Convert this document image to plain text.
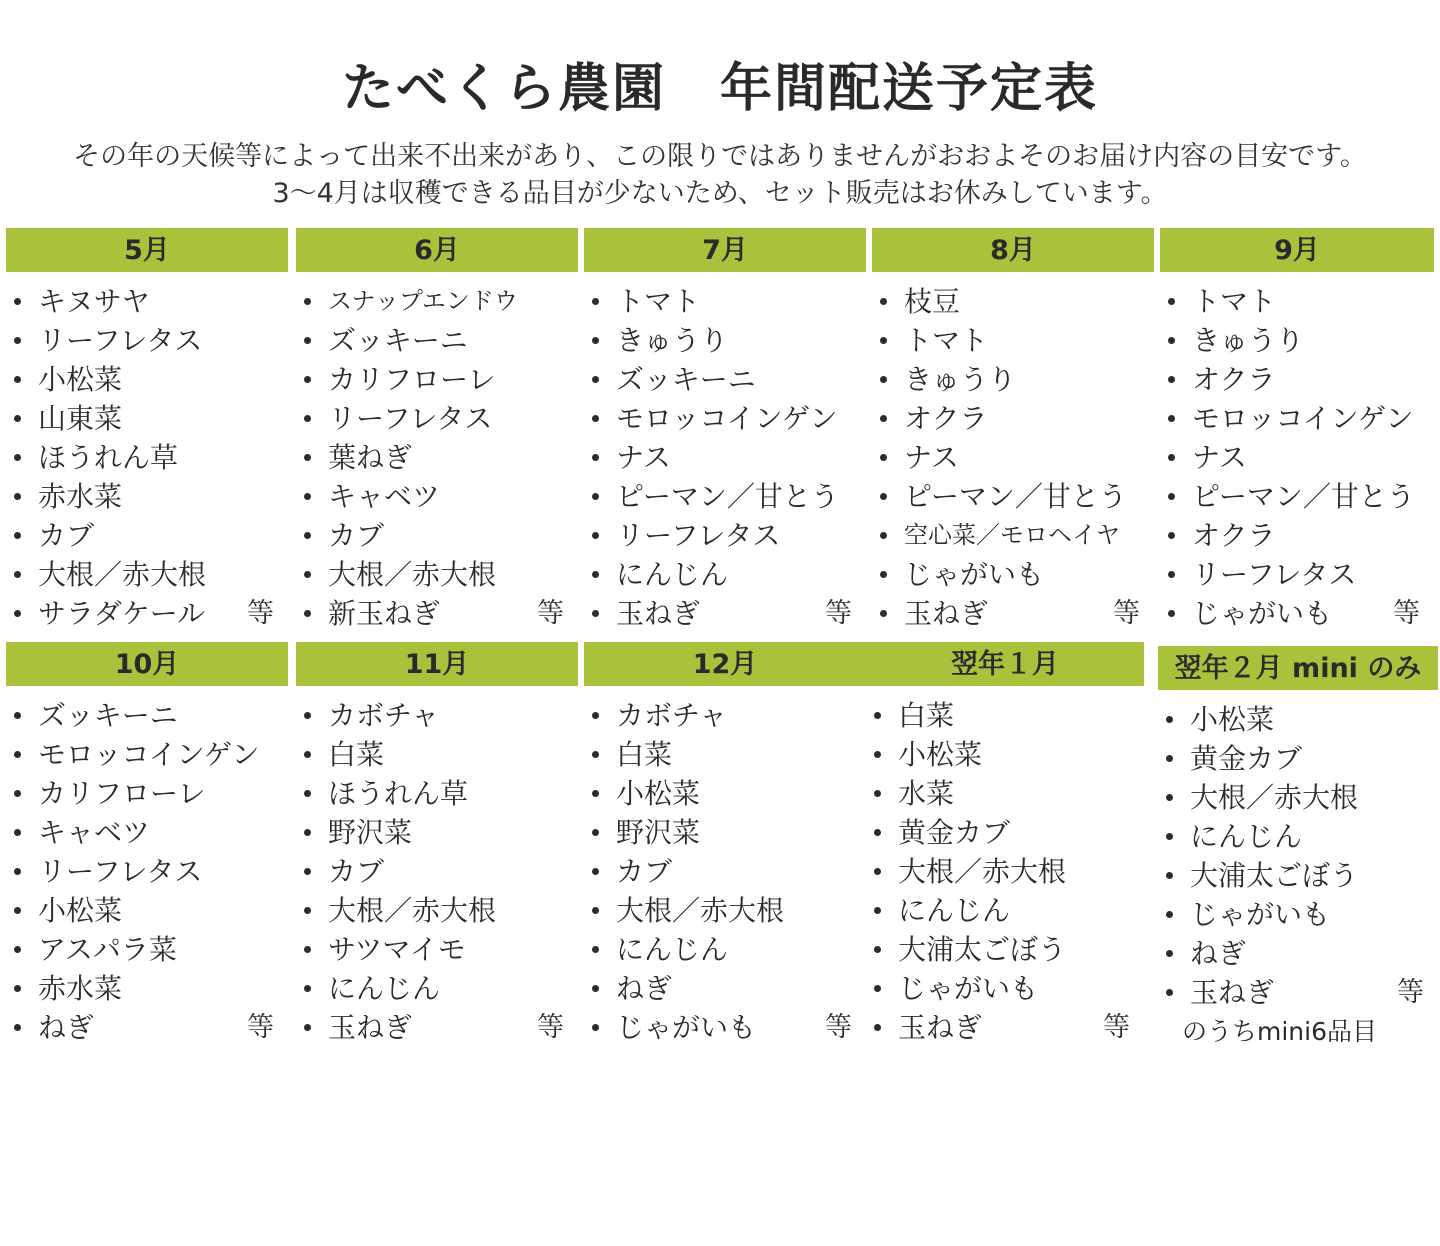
たべくら農園　年間配送予定表
その年の天候等によって出来不出来があり、この限りではありませんがおおよそのお届け内容の目安です。
3〜4月は収穫できる品目が少ないため、セット販売はお休みしています。
5月
キヌサヤ
リーフレタス
小松菜
山東菜
ほうれん草
赤水菜
カブ
大根／赤大根
サラダケール 等
6月
スナップエンドウ
ズッキーニ
カリフローレ
リーフレタス
葉ねぎ
キャベツ
カブ
大根／赤大根
新玉ねぎ	等
7月
トマト
きゅうり
ズッキーニ
モロッコインゲン
ナス
ピーマン／甘とう
リーフレタス
にんじん
玉ねぎ	等
8月
枝豆
トマト
きゅうり
オクラ
ナス
ピーマン／甘とう
空心菜／モロヘイヤ
じゃがいも
玉ねぎ	等
9月
トマト
きゅうり
オクラ
モロッコインゲン
ナス
ピーマン／甘とう
オクラ
リーフレタス
じゃがいも 等
10月
ズッキーニ
モロッコインゲン
カリフローレ
キャベツ
リーフレタス
小松菜
アスパラ菜
赤水菜
ねぎ	等
11月
カボチャ
白菜
ほうれん草
野沢菜
カブ
大根／赤大根
サツマイモ
にんじん
玉ねぎ	等
12月
カボチャ
白菜
小松菜
野沢菜
カブ
大根／赤大根
にんじん
ねぎ
じゃがいも	等
翌年１月
白菜
小松菜
水菜
黄金カブ
大根／赤大根
にんじん
大浦太ごぼう
じゃがいも
玉ねぎ	等
翌年２月 mini のみ
小松菜
黄金カブ
大根／赤大根
にんじん
大浦太ごぼう
じゃがいも
ねぎ
玉ねぎ	等
のうちmini6品目
